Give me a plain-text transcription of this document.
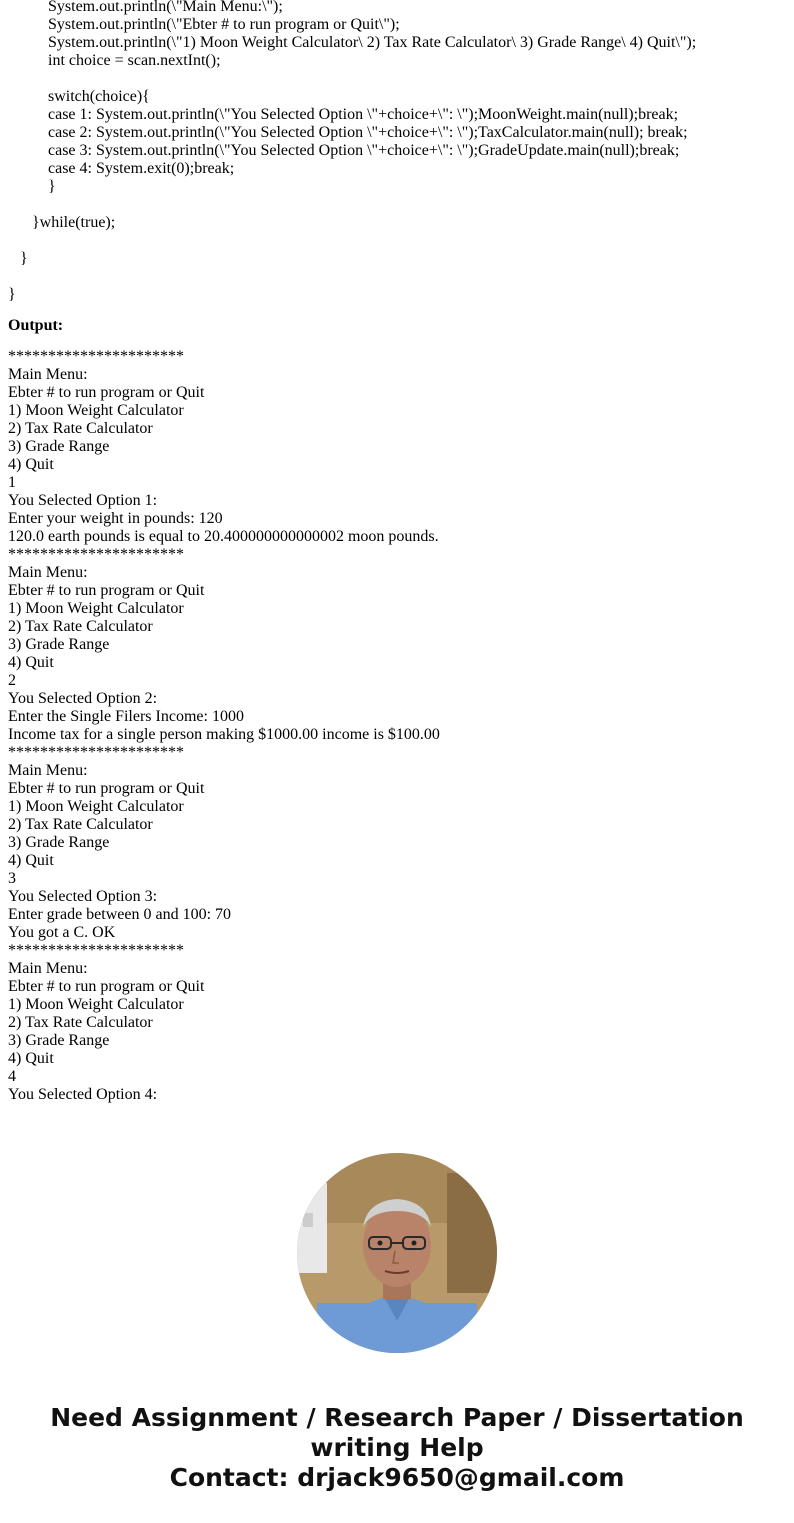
System.out.println(\"Main Menu:\");
System.out.println(\"Ebter # to run program or Quit\");
System.out.println(\"1) Moon Weight Calculator\ 2) Tax Rate Calculator\ 3) Grade Range\ 4) Quit\");
int choice = scan.nextInt();
switch(choice){
case 1: System.out.println(\"You Selected Option \"+choice+\": \");MoonWeight.main(null);break;
case 2: System.out.println(\"You Selected Option \"+choice+\": \");TaxCalculator.main(null); break;
case 3: System.out.println(\"You Selected Option \"+choice+\": \");GradeUpdate.main(null);break;
case 4: System.exit(0);break;
}
}while(true);
}
}
Output:
**********************
Main Menu:
Ebter # to run program or Quit
1) Moon Weight Calculator
2) Tax Rate Calculator
3) Grade Range
4) Quit
1
You Selected Option 1:
Enter your weight in pounds: 120
120.0 earth pounds is equal to 20.400000000000002 moon pounds.
**********************
Main Menu:
Ebter # to run program or Quit
1) Moon Weight Calculator
2) Tax Rate Calculator
3) Grade Range
4) Quit
2
You Selected Option 2:
Enter the Single Filers Income: 1000
Income tax for a single person making $1000.00 income is $100.00
**********************
Main Menu:
Ebter # to run program or Quit
1) Moon Weight Calculator
2) Tax Rate Calculator
3) Grade Range
4) Quit
3
You Selected Option 3:
Enter grade between 0 and 100: 70
You got a C. OK
**********************
Main Menu:
Ebter # to run program or Quit
1) Moon Weight Calculator
2) Tax Rate Calculator
3) Grade Range
4) Quit
4
You Selected Option 4:
Need Assignment / Research Paper / Dissertation
writing Help
Contact: drjack9650@gmail.com
